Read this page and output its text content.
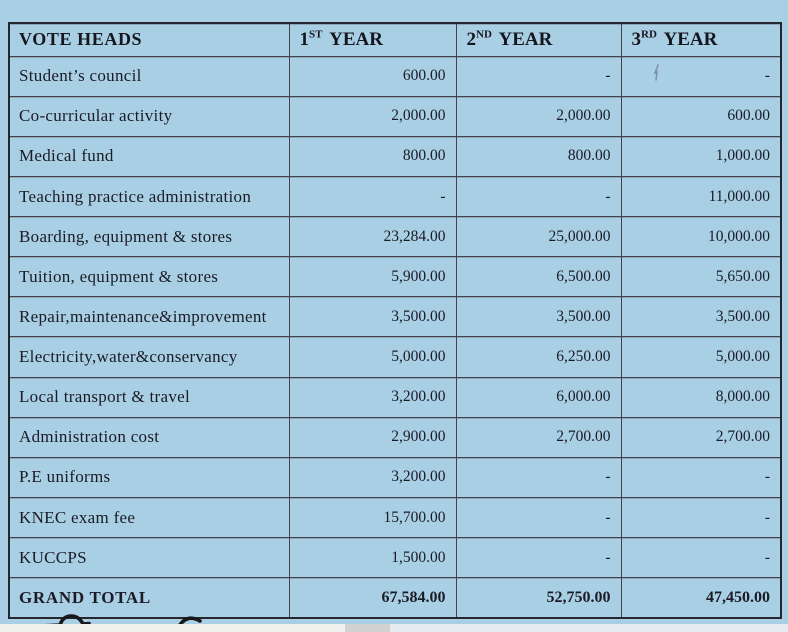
VOTE HEADS	1ST YEAR	2ND YEAR	3RD YEAR
Student’s council	600.00	-	-
Co-curricular activity	2,000.00	2,000.00	600.00
Medical fund	800.00	800.00	1,000.00
Teaching practice administration	-	-	11,000.00
Boarding, equipment & stores	23,284.00	25,000.00	10,000.00
Tuition, equipment & stores	5,900.00	6,500.00	5,650.00
Repair,maintenance&improvement	3,500.00	3,500.00	3,500.00
Electricity,water&conservancy	5,000.00	6,250.00	5,000.00
Local transport & travel	3,200.00	6,000.00	8,000.00
Administration cost	2,900.00	2,700.00	2,700.00
P.E uniforms	3,200.00	-	-
KNEC exam fee	15,700.00	-	-
KUCCPS	1,500.00	-	-
GRAND TOTAL	67,584.00	52,750.00	47,450.00
